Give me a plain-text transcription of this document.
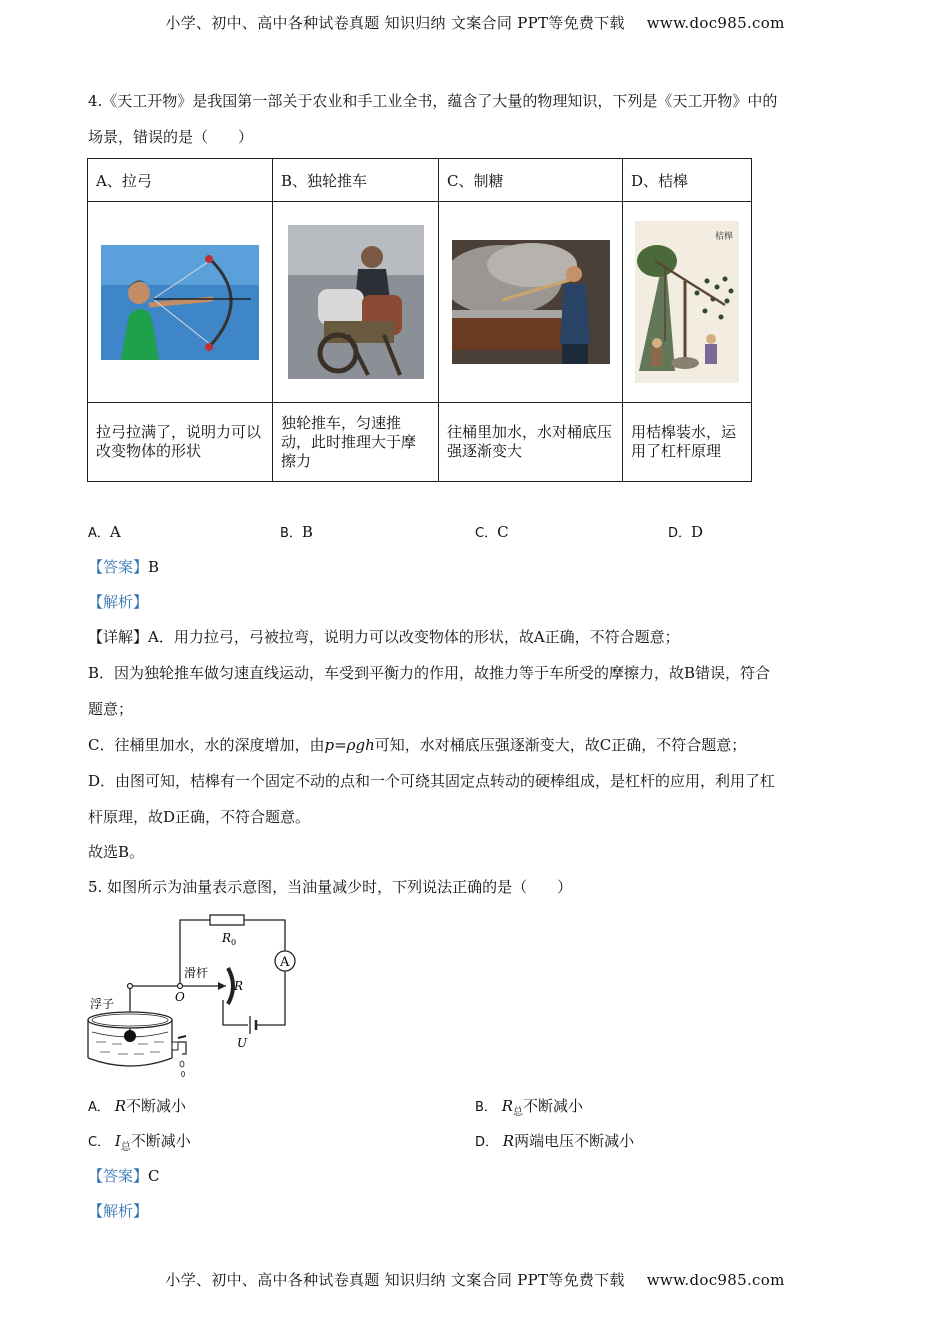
小学、初中、高中各种试卷真题 知识归纳 文案合同 PPT等免费下载 www.doc985.com
4.《天工开物》是我国第一部关于农业和手工业全书，蕴含了大量的物理知识，下列是《天工开物》中的
场景，错误的是（　　）
A、拉弓	B、独轮推车	C、制糖	D、桔槔

桔槔

拉弓拉满了，说明力可以改变物体的形状	独轮推车，匀速推动，此时推理大于摩擦力	往桶里加水，水对桶底压强逐渐变大	用桔槔装水，运用了杠杆原理
A．A	B．B	C．C	D．D
【答案】B
【解析】
【详解】A．用力拉弓，弓被拉弯，说明力可以改变物体的形状，故A正确，不符合题意；
B．因为独轮推车做匀速直线运动，车受到平衡力的作用，故推力等于车所受的摩擦力，故B错误，符合
题意；
C．往桶里加水，水的深度增加，由p=ρgh可知，水对桶底压强逐渐变大，故C正确，不符合题意；
D．由图可知，桔槔有一个固定不动的点和一个可绕其固定点转动的硬棒组成，是杠杆的应用，利用了杠
杆原理，故D正确，不符合题意。
故选B。
5. 如图所示为油量表示意图，当油量减少时，下列说法正确的是（　　）
$R_0$
A
U
R
滑杆
O
浮子
A． R不断减小	B． $R_总$不断减小
C． $I_总$不断减小	D． R两端电压不断减小
【答案】C
【解析】
小学、初中、高中各种试卷真题 知识归纳 文案合同 PPT等免费下载 www.doc985.com
